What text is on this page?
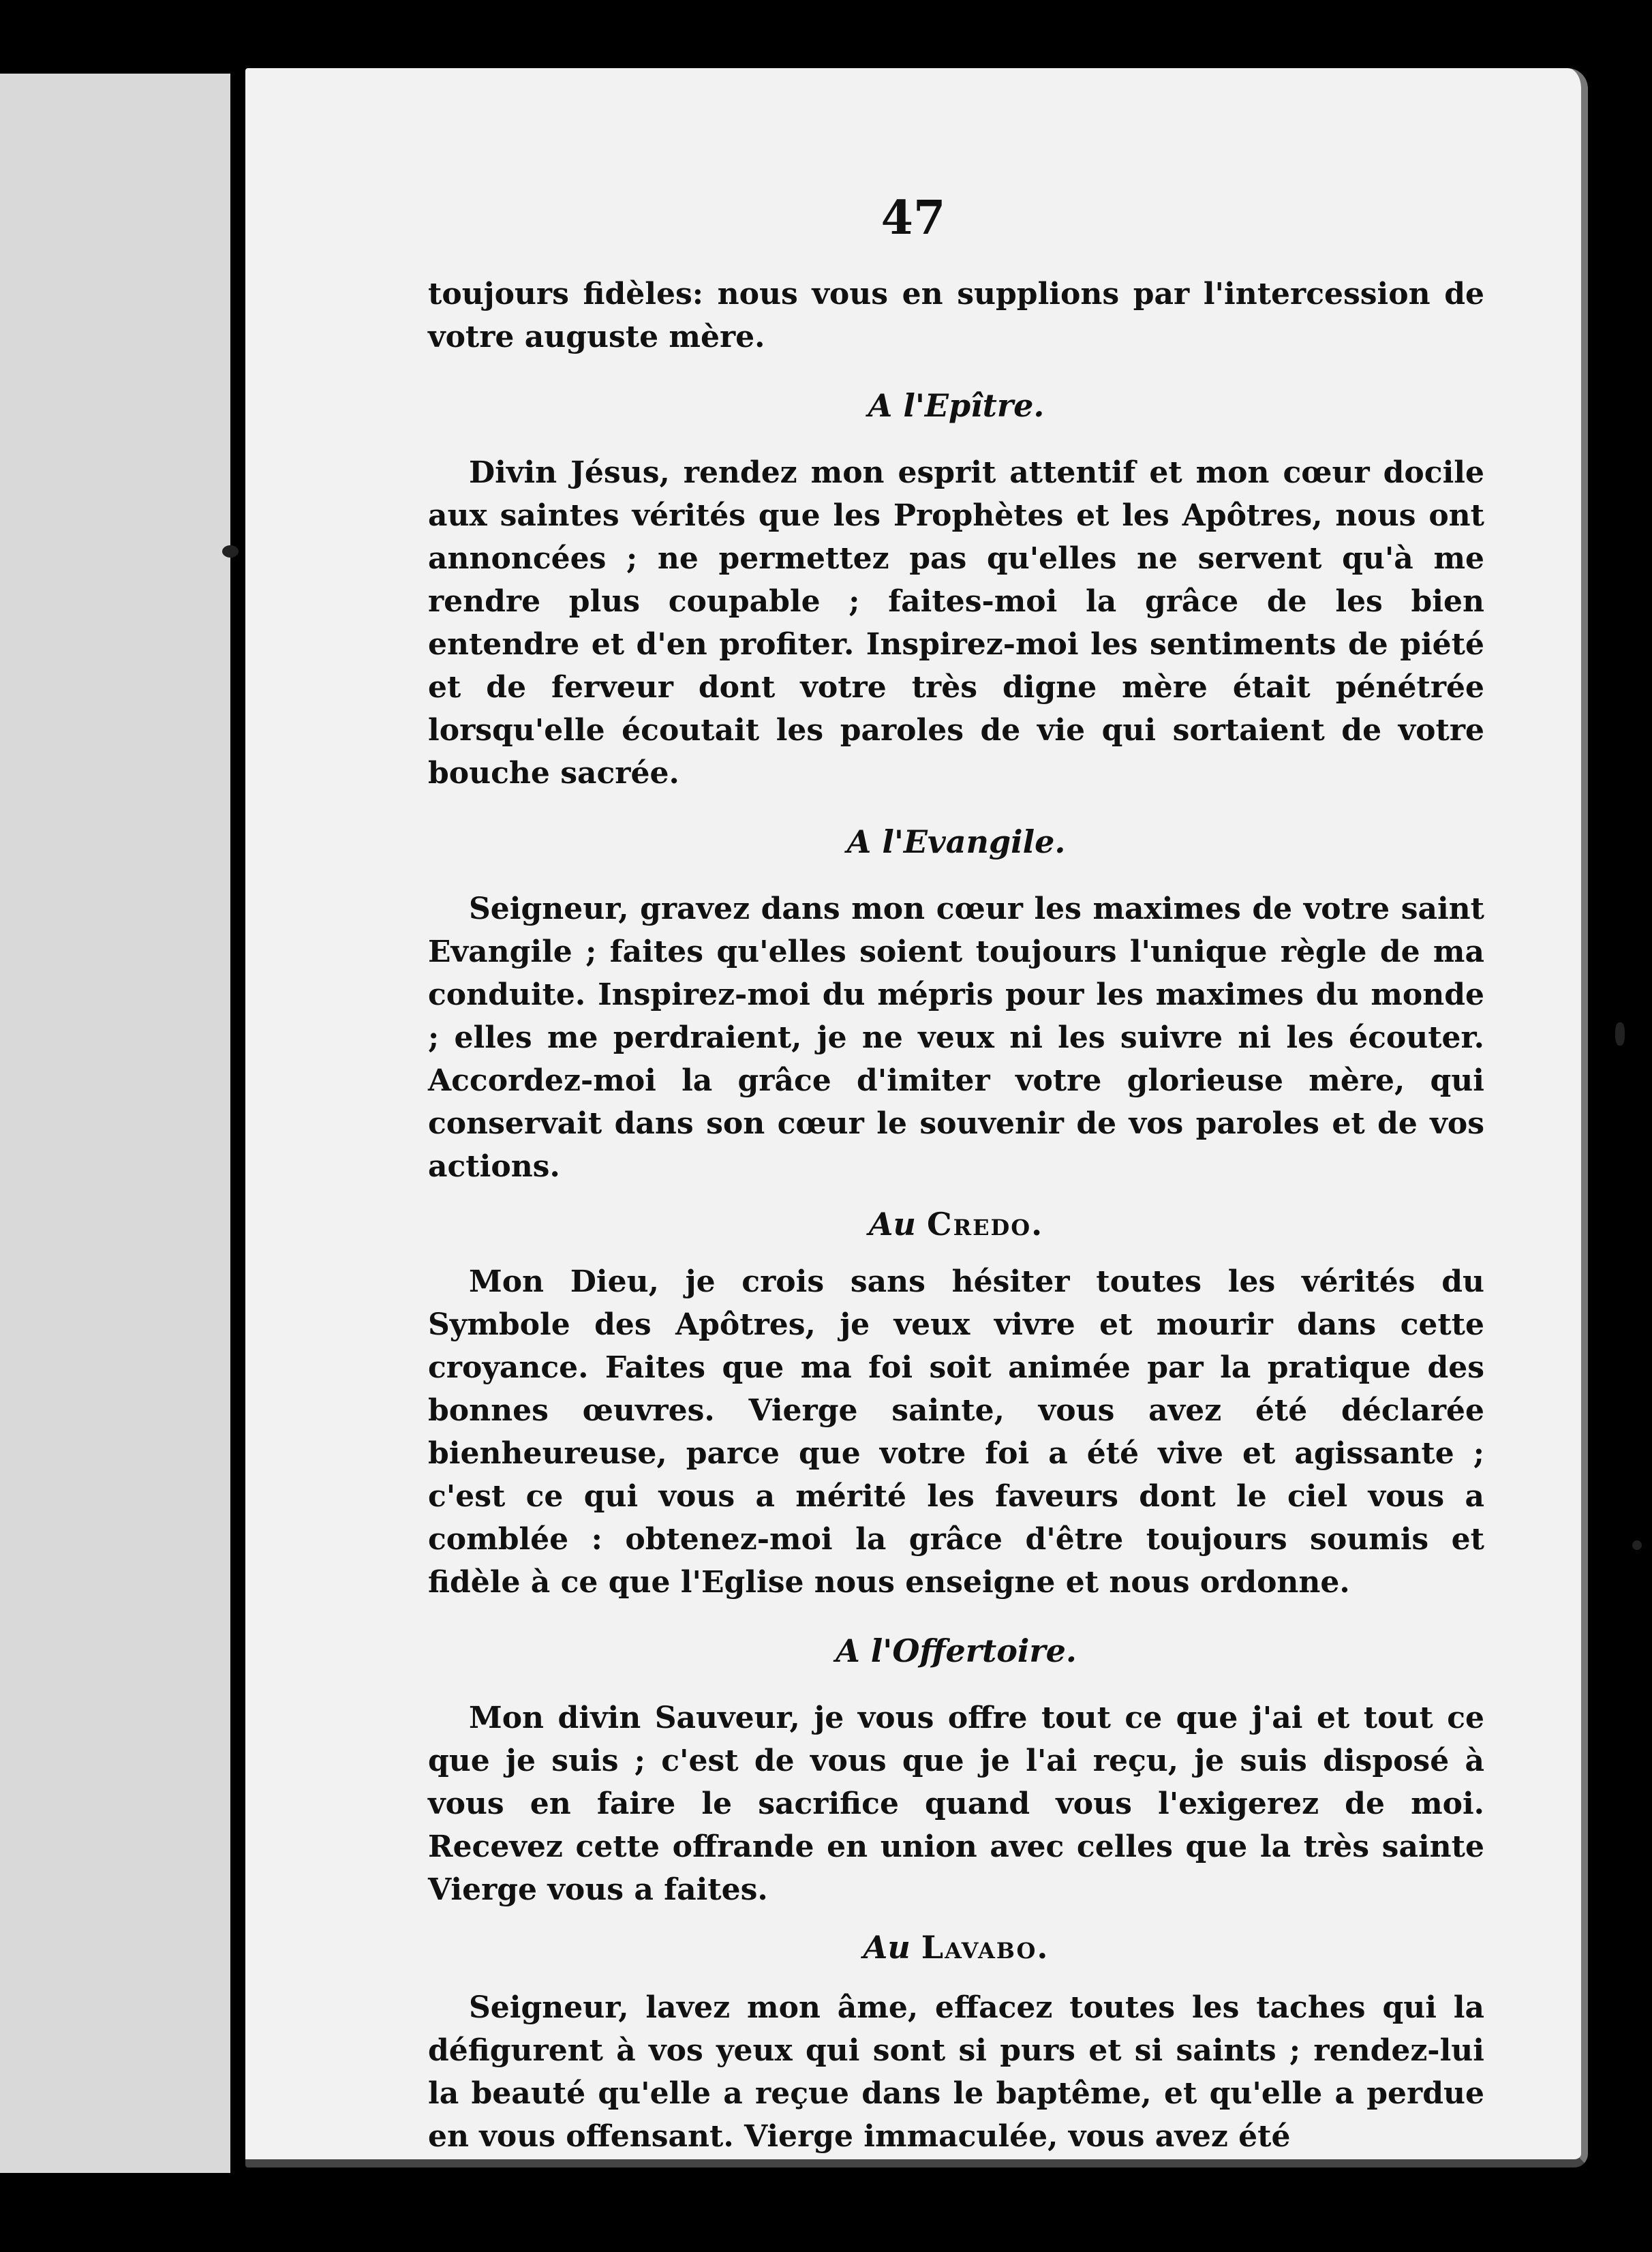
47

toujours fidèles: nous vous en supplions par l'intercession de votre auguste mère.

A l'Epître.

Divin Jésus, rendez mon esprit attentif et mon cœur docile aux saintes vérités que les Prophètes et les Apôtres, nous ont annoncées ; ne permettez pas qu'elles ne servent qu'à me rendre plus coupable ; faites-moi la grâce de les bien entendre et d'en profiter. Inspirez-moi les sentiments de piété et de ferveur dont votre très digne mère était pénétrée lorsqu'elle écoutait les paroles de vie qui sortaient de votre bouche sacrée.

A l'Evangile.

Seigneur, gravez dans mon cœur les maximes de votre saint Evangile ; faites qu'elles soient toujours l'unique règle de ma conduite. Inspirez-moi du mépris pour les maximes du monde ; elles me perdraient, je ne veux ni les suivre ni les écouter. Accordez-moi la grâce d'imiter votre glorieuse mère, qui conservait dans son cœur le souvenir de vos paroles et de vos actions.

Au Credo.

Mon Dieu, je crois sans hésiter toutes les vérités du Symbole des Apôtres, je veux vivre et mourir dans cette croyance. Faites que ma foi soit animée par la pratique des bonnes œuvres. Vierge sainte, vous avez été déclarée bienheureuse, parce que votre foi a été vive et agissante ; c'est ce qui vous a mérité les faveurs dont le ciel vous a comblée : obtenez-moi la grâce d'être toujours soumis et fidèle à ce que l'Eglise nous enseigne et nous ordonne.

A l'Offertoire.

Mon divin Sauveur, je vous offre tout ce que j'ai et tout ce que je suis ; c'est de vous que je l'ai reçu, je suis disposé à vous en faire le sacrifice quand vous l'exigerez de moi. Recevez cette offrande en union avec celles que la très sainte Vierge vous a faites.

Au Lavabo.

Seigneur, lavez mon âme, effacez toutes les taches qui la défigurent à vos yeux qui sont si purs et si saints ; rendez-lui la beauté qu'elle a reçue dans le baptême, et qu'elle a perdue en vous offensant. Vierge immaculée, vous avez été
